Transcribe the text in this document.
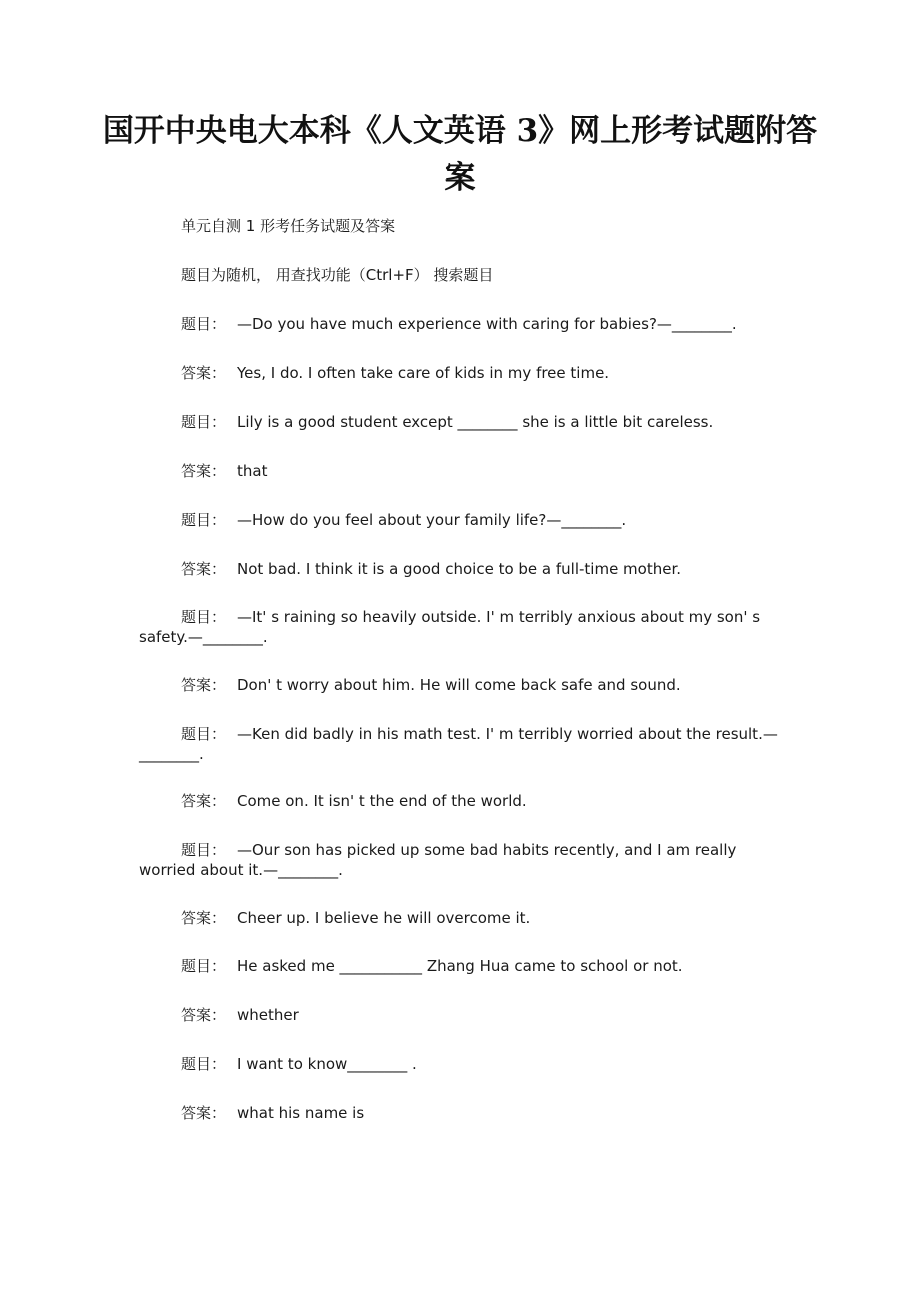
国开中央电大本科《人文英语 3》网上形考试题附答案

单元自测 1 形考任务试题及答案

题目为随机， 用查找功能（Ctrl+F） 搜索题目

题目： —Do you have much experience with caring for babies?—________.

答案： Yes, I do. I often take care of kids in my free time.

题目： Lily is a good student except ________ she is a little bit careless.

答案： that

题目： —How do you feel about your family life?—________.

答案： Not bad. I think it is a good choice to be a full-time mother.

题目： —It' s raining so heavily outside. I' m terribly anxious about my son' s safety.—________.

答案： Don' t worry about him. He will come back safe and sound.

题目： —Ken did badly in his math test. I' m terribly worried about the result.—________.

答案： Come on. It isn' t the end of the world.

题目： —Our son has picked up some bad habits recently, and I am really worried about it.—________.

答案： Cheer up. I believe he will overcome it.

题目： He asked me ___________ Zhang Hua came to school or not.

答案： whether

题目： I want to know________ .

答案： what his name is
